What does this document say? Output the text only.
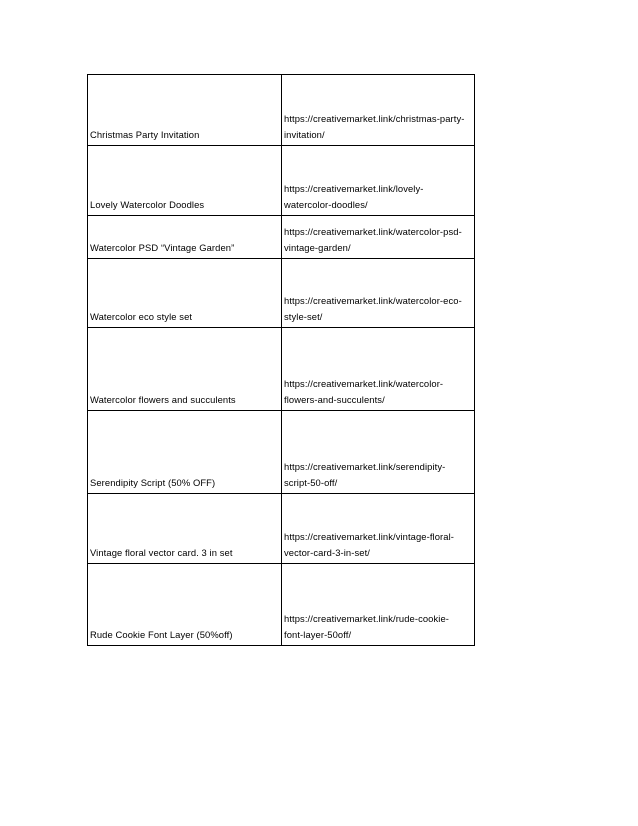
Christmas Party Invitation	https://creativemarket.link/christmas-party-
invitation/

Lovely Watercolor Doodles	https://creativemarket.link/lovely-
watercolor-doodles/

Watercolor PSD “Vintage Garden”	https://creativemarket.link/watercolor-psd-
vintage-garden/

Watercolor eco style set	https://creativemarket.link/watercolor-eco-
style-set/

Watercolor flowers and succulents	https://creativemarket.link/watercolor-
flowers-and-succulents/

Serendipity Script (50% OFF)	https://creativemarket.link/serendipity-
script-50-off/

Vintage floral vector card. 3 in set	https://creativemarket.link/vintage-floral-
vector-card-3-in-set/

Rude Cookie Font Layer (50%off)	https://creativemarket.link/rude-cookie-
font-layer-50off/
